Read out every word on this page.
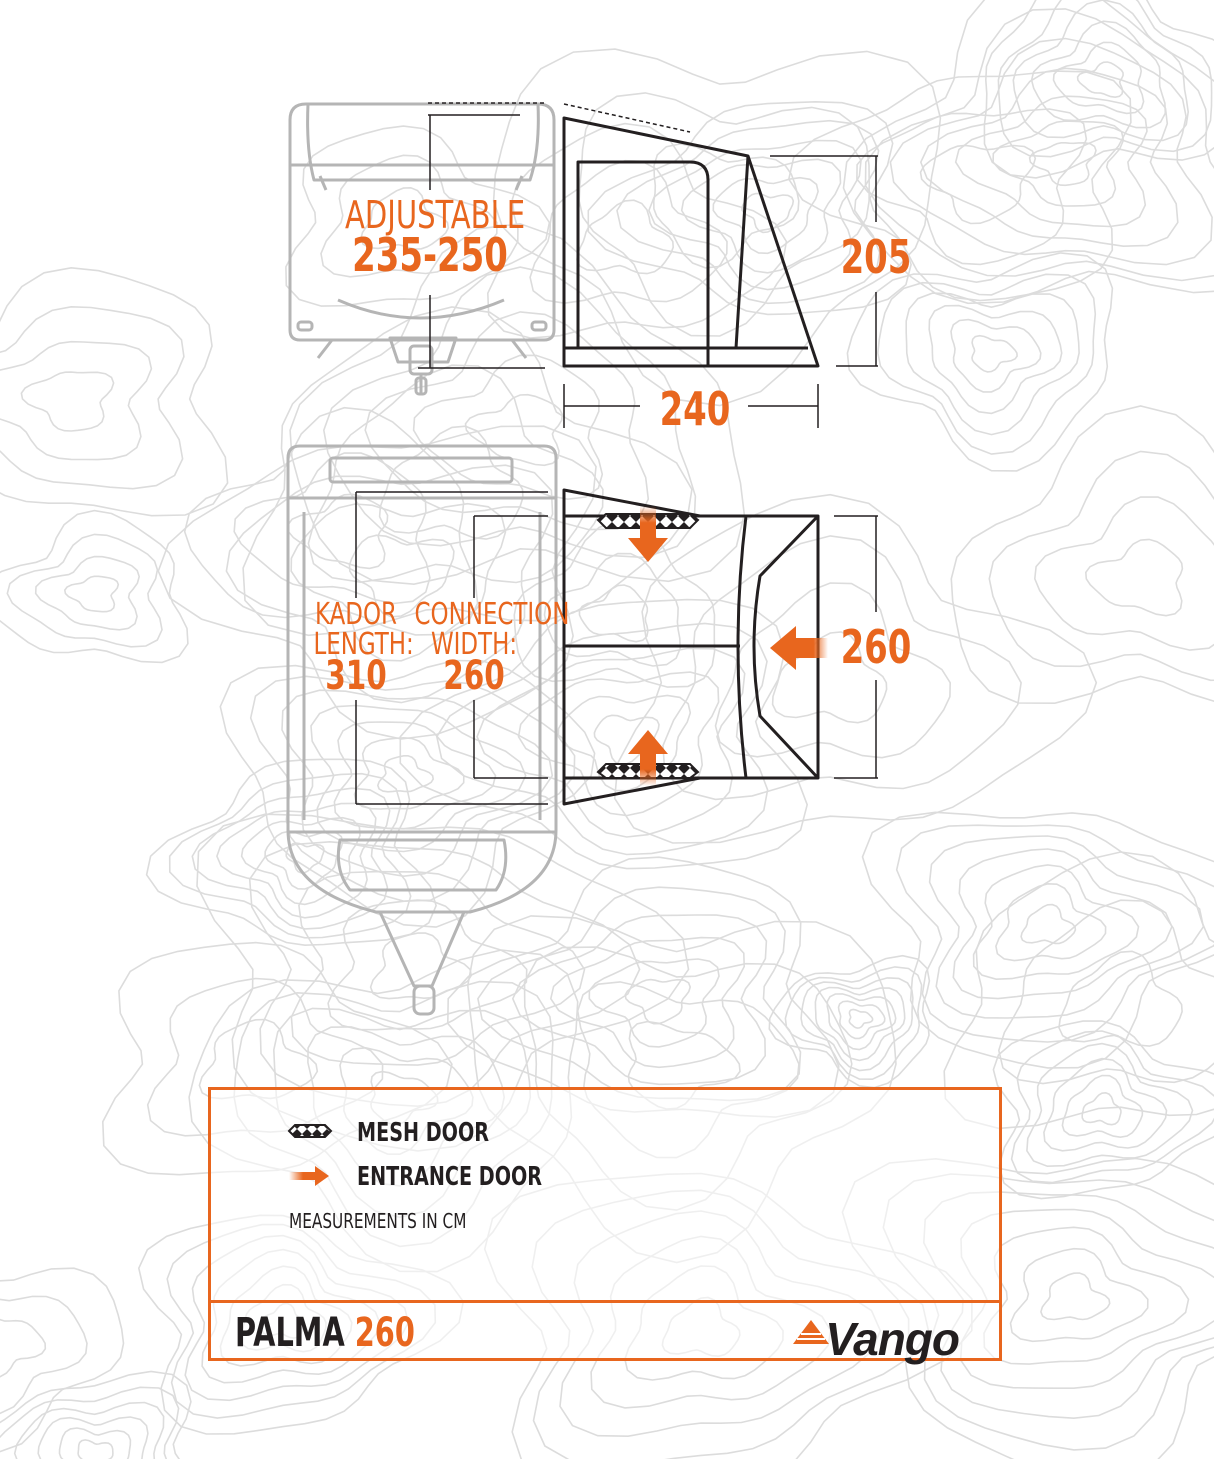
ADJUSTABLE
235-250	205
240
KADOR
LENGTH:
310
CONNECTION
WIDTH:
260
260
MESH DOOR
ENTRANCE DOOR
MEASUREMENTS IN CM
PALMA 260	Vango
